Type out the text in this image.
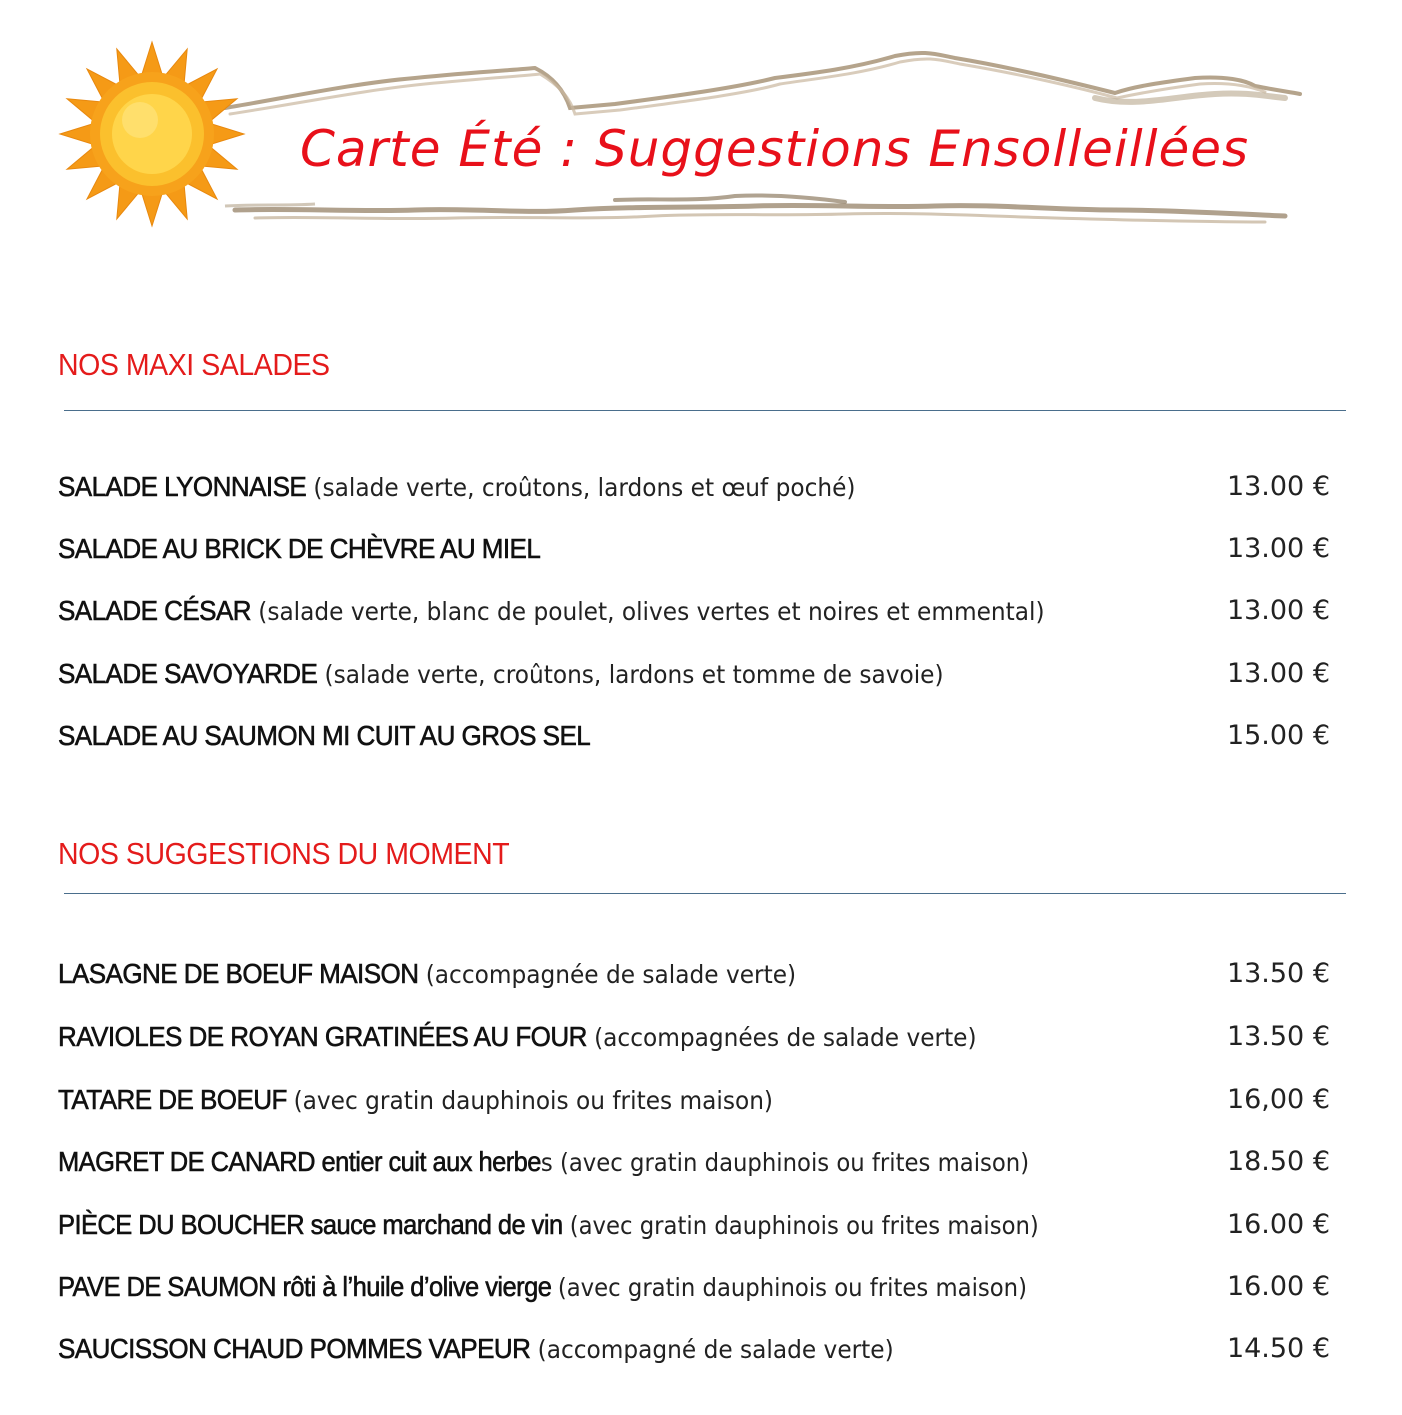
Carte Été : Suggestions Ensolleillées
NOS MAXI SALADES
SALADE LYONNAISE (salade verte, croûtons, lardons et œuf poché)	13.00 €
SALADE AU BRICK DE CHÈVRE AU MIEL	13.00 €
SALADE CÉSAR (salade verte, blanc de poulet, olives vertes et noires et emmental)	13.00 €
SALADE SAVOYARDE (salade verte, croûtons, lardons et tomme de savoie)	13.00 €
SALADE AU SAUMON MI CUIT AU GROS SEL	15.00 €
NOS SUGGESTIONS DU MOMENT
LASAGNE DE BOEUF MAISON (accompagnée de salade verte)	13.50 €
RAVIOLES DE ROYAN GRATINÉES AU FOUR (accompagnées de salade verte)	13.50 €
TATARE DE BOEUF (avec gratin dauphinois ou frites maison)	16,00 €
MAGRET DE CANARD entier cuit aux herbes (avec gratin dauphinois ou frites maison)	18.50 €
PIÈCE DU BOUCHER sauce marchand de vin (avec gratin dauphinois ou frites maison)	16.00 €
PAVE DE SAUMON rôti à l’huile d’olive vierge (avec gratin dauphinois ou frites maison)	16.00 €
SAUCISSON CHAUD POMMES VAPEUR (accompagné de salade verte)	14.50 €
